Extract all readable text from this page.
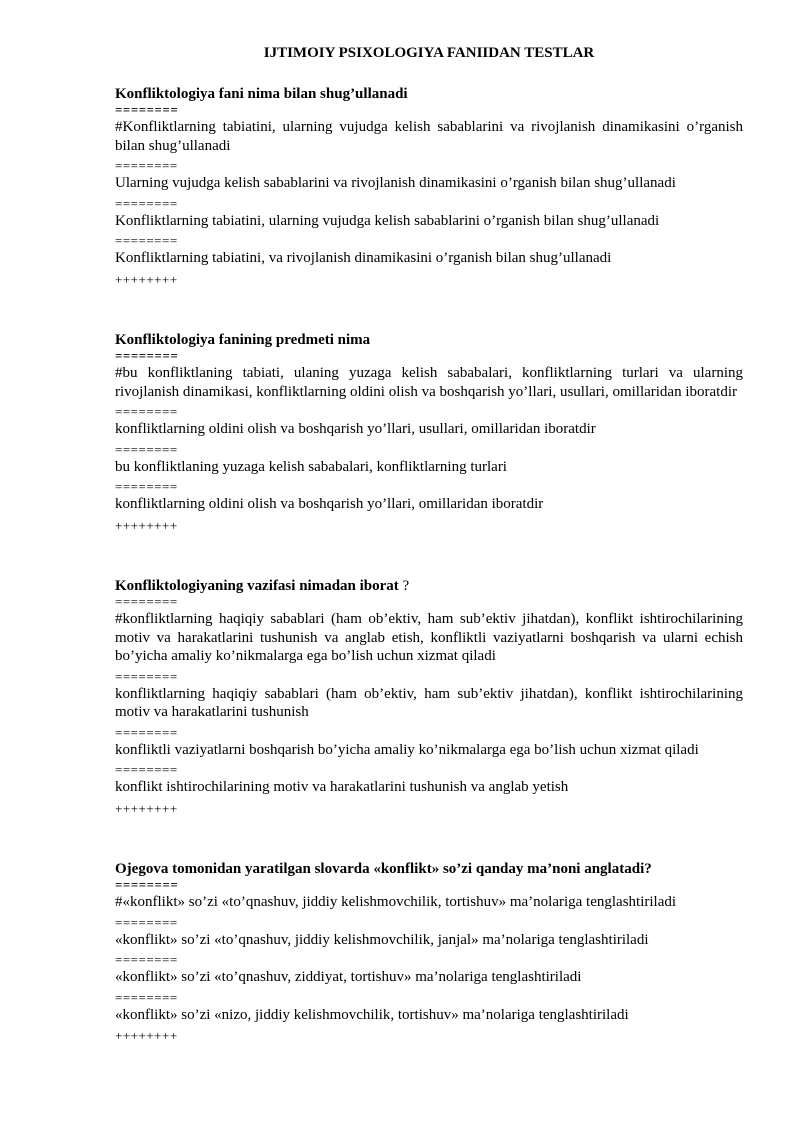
IJTIMOIY PSIXOLOGIYA FANIIDAN TESTLAR
Konfliktologiya fani nima bilan shug’ullanadi
========
#Konfliktlarning tabiatini, ularning vujudga kelish sabablarini va rivojlanish dinamikasini o’rganish bilan shug’ullanadi
========
Ularning vujudga kelish sabablarini va rivojlanish dinamikasini o’rganish bilan shug’ullanadi
========
Konfliktlarning tabiatini, ularning vujudga kelish sabablarini o’rganish bilan shug’ullanadi
========
Konfliktlarning tabiatini, va rivojlanish dinamikasini o’rganish bilan shug’ullanadi
++++++++
Konfliktologiya fanining predmeti nima
========
#bu konfliktlaning tabiati, ulaning yuzaga kelish sababalari, konfliktlarning turlari va ularning rivojlanish dinamikasi, konfliktlarning oldini olish va boshqarish yo’llari, usullari, omillaridan iboratdir
========
konfliktlarning oldini olish va boshqarish yo’llari, usullari, omillaridan iboratdir
========
bu konfliktlaning yuzaga kelish sababalari, konfliktlarning turlari
========
konfliktlarning oldini olish va boshqarish yo’llari, omillaridan iboratdir
++++++++
Konfliktologiyaning vazifasi nimadan iborat ?
========
#konfliktlarning haqiqiy sabablari (ham ob’ektiv, ham sub’ektiv jihatdan), konflikt ishtirochilarining motiv va harakatlarini tushunish va anglab etish, konfliktli vaziyatlarni boshqarish va ularni echish bo’yicha amaliy ko’nikmalarga ega bo’lish uchun xizmat qiladi
========
konfliktlarning haqiqiy sabablari (ham ob’ektiv, ham sub’ektiv jihatdan), konflikt ishtirochilarining motiv va harakatlarini tushunish
========
konfliktli vaziyatlarni boshqarish bo’yicha amaliy ko’nikmalarga ega bo’lish uchun xizmat qiladi
========
konflikt ishtirochilarining motiv va harakatlarini tushunish va anglab yetish
++++++++
Ojegova tomonidan yaratilgan slovarda «konflikt» so’zi qanday ma’noni anglatadi?
========
#«konflikt» so’zi «to’qnashuv, jiddiy kelishmovchilik, tortishuv» ma’nolariga tenglashtiriladi
========
«konflikt» so’zi «to’qnashuv, jiddiy kelishmovchilik, janjal» ma’nolariga tenglashtiriladi
========
«konflikt» so’zi «to’qnashuv, ziddiyat, tortishuv» ma’nolariga tenglashtiriladi
========
«konflikt» so’zi «nizo, jiddiy kelishmovchilik, tortishuv» ma’nolariga tenglashtiriladi
++++++++
